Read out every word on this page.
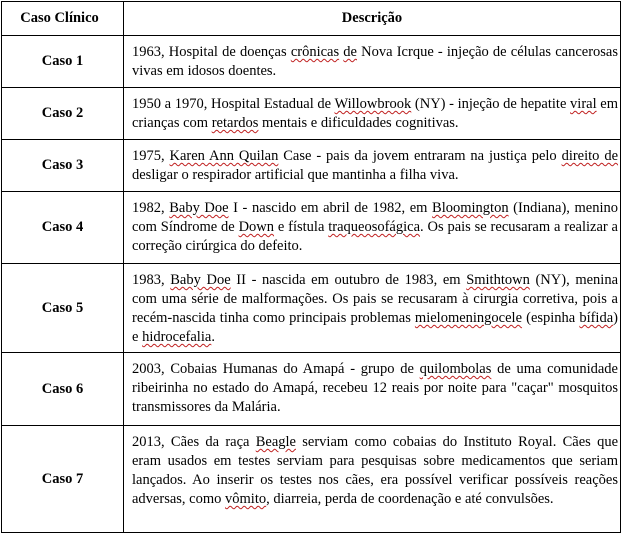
Caso Clínico	Descrição
Caso 1	1963, Hospital de doenças crônicas de Nova Icrque - injeção de células cancerosas vivas em idosos doentes.
Caso 2	1950 a 1970, Hospital Estadual de Willowbrook (NY) - injeção de hepatite viral em crianças com retardos mentais e dificuldades cognitivas.
Caso 3	1975, Karen Ann Quilan Case - pais da jovem entraram na justiça pelo direito de desligar o respirador artificial que mantinha a filha viva.
Caso 4	1982, Baby Doe I - nascido em abril de 1982, em Bloomington (Indiana), menino com Síndrome de Down e fístula traqueosofágica. Os pais se recusaram a realizar a correção cirúrgica do defeito.
Caso 5	1983, Baby Doe II - nascida em outubro de 1983, em Smithtown (NY), menina com uma série de malformações. Os pais se recusaram à cirurgia corretiva, pois a recém-nascida tinha como principais problemas mielomeningocele (espinha bífida) e hidrocefalia.
Caso 6	2003, Cobaias Humanas do Amapá - grupo de quilombolas de uma comunidade ribeirinha no estado do Amapá, recebeu 12 reais por noite para "caçar" mosquitos transmissores da Malária.
Caso 7	2013, Cães da raça Beagle serviam como cobaias do Instituto Royal. Cães que eram usados em testes serviam para pesquisas sobre medicamentos que seriam lançados. Ao inserir os testes nos cães, era possível verificar possíveis reações adversas, como vômito, diarreia, perda de coordenação e até convulsões.
